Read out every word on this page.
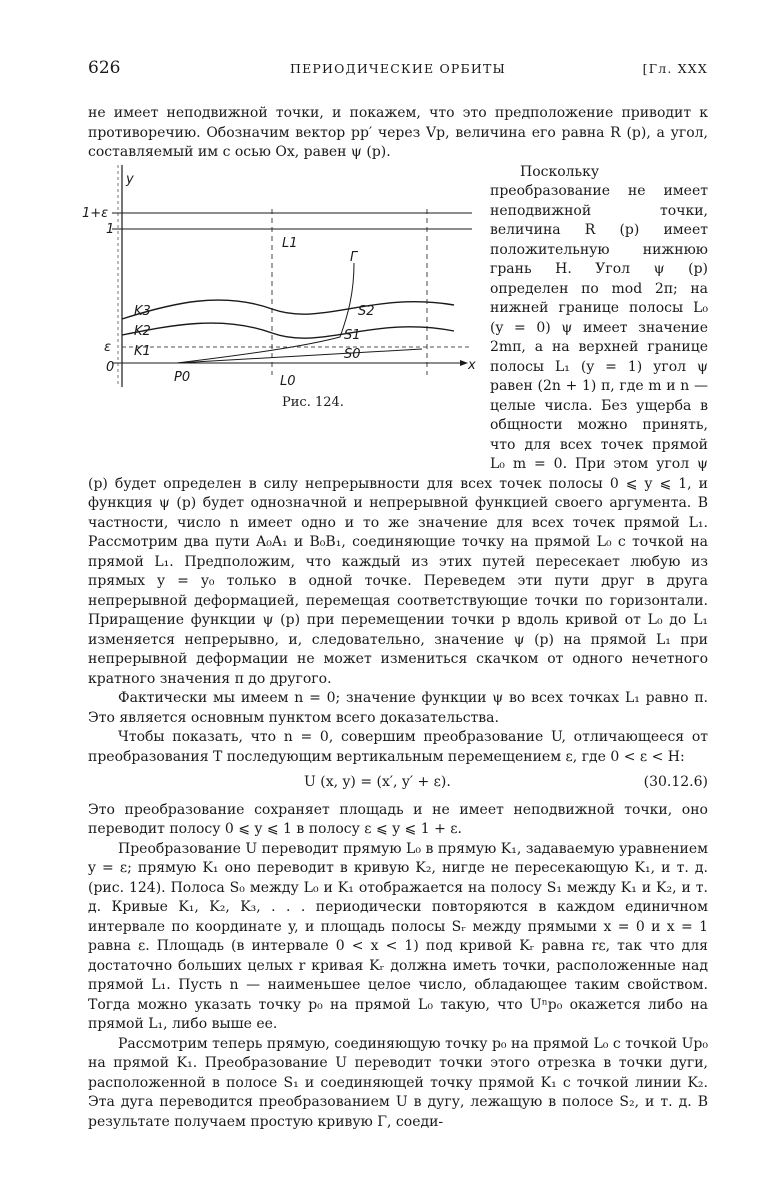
626	ПЕРИОДИЧЕСКИЕ ОРБИТЫ	[Гл. XXX

не имеет неподвижной точки, и покажем, что это предположение приводит к противоречию. Обозначим вектор pp′ через Vp, величина его равна R (p), а угол, составляемый им с осью Ox, равен ψ (p).

y
1+ε
1
ε
0
L1
L0
P0
K1
K2
K3
S0
S1
S2
Г
x
Рис. 124.
Поскольку преобразование не имеет неподвижной точки, величина R (p) имеет положительную нижнюю грань H. Угол ψ (p) определен по mod 2π; на нижней границе полосы L₀ (y = 0) ψ имеет значение 2mπ, а на верхней границе полосы L₁ (y = 1) угол ψ равен (2n + 1) π, где m и n — целые числа. Без ущерба в общности можно принять, что для всех точек прямой L₀ m = 0. При этом угол ψ (p) будет определен в силу непрерывности для всех точек полосы 0 ⩽ y ⩽ 1, и функция ψ (p) будет однозначной и непрерывной функцией своего аргумента. В частности, число n имеет одно и то же значение для всех точек прямой L₁. Рассмотрим два пути A₀A₁ и B₀B₁, соединяющие точку на прямой L₀ с точкой на прямой L₁. Предположим, что каждый из этих путей пересекает любую из прямых y = y₀ только в одной точке. Переведем эти пути друг в друга непрерывной деформацией, перемещая соответствующие точки по горизонтали. Приращение функции ψ (p) при перемещении точки p вдоль кривой от L₀ до L₁ изменяется непрерывно, и, следовательно, значение ψ (p) на прямой L₁ при непрерывной деформации не может измениться скачком от одного нечетного кратного значения π до другого.

Фактически мы имеем n = 0; значение функции ψ во всех точках L₁ равно π. Это является основным пунктом всего доказательства.

Чтобы показать, что n = 0, совершим преобразование U, отличающееся от преобразования T последующим вертикальным перемещением ε, где 0 < ε < H:

U (x, y) = (x′, y′ + ε).	(30.12.6)

Это преобразование сохраняет площадь и не имеет неподвижной точки, оно переводит полосу 0 ⩽ y ⩽ 1 в полосу ε ⩽ y ⩽ 1 + ε.

Преобразование U переводит прямую L₀ в прямую K₁, задаваемую уравнением y = ε; прямую K₁ оно переводит в кривую K₂, нигде не пересекающую K₁, и т. д. (рис. 124). Полоса S₀ между L₀ и K₁ отображается на полосу S₁ между K₁ и K₂, и т. д. Кривые K₁, K₂, K₃, . . . периодически повторяются в каждом единичном интервале по координате y, и площадь полосы Sᵣ между прямыми x = 0 и x = 1 равна ε. Площадь (в интервале 0 < x < 1) под кривой Kᵣ равна rε, так что для достаточно больших целых r кривая Kᵣ должна иметь точки, расположенные над прямой L₁. Пусть n — наименьшее целое число, обладающее таким свойством. Тогда можно указать точку p₀ на прямой L₀ такую, что Uⁿp₀ окажется либо на прямой L₁, либо выше ее.

Рассмотрим теперь прямую, соединяющую точку p₀ на прямой L₀ с точкой Up₀ на прямой K₁. Преобразование U переводит точки этого отрезка в точки дуги, расположенной в полосе S₁ и соединяющей точку прямой K₁ с точкой линии K₂. Эта дуга переводится преобразованием U в дугу, лежащую в полосе S₂, и т. д. В результате получаем простую кривую Γ, соеди-
